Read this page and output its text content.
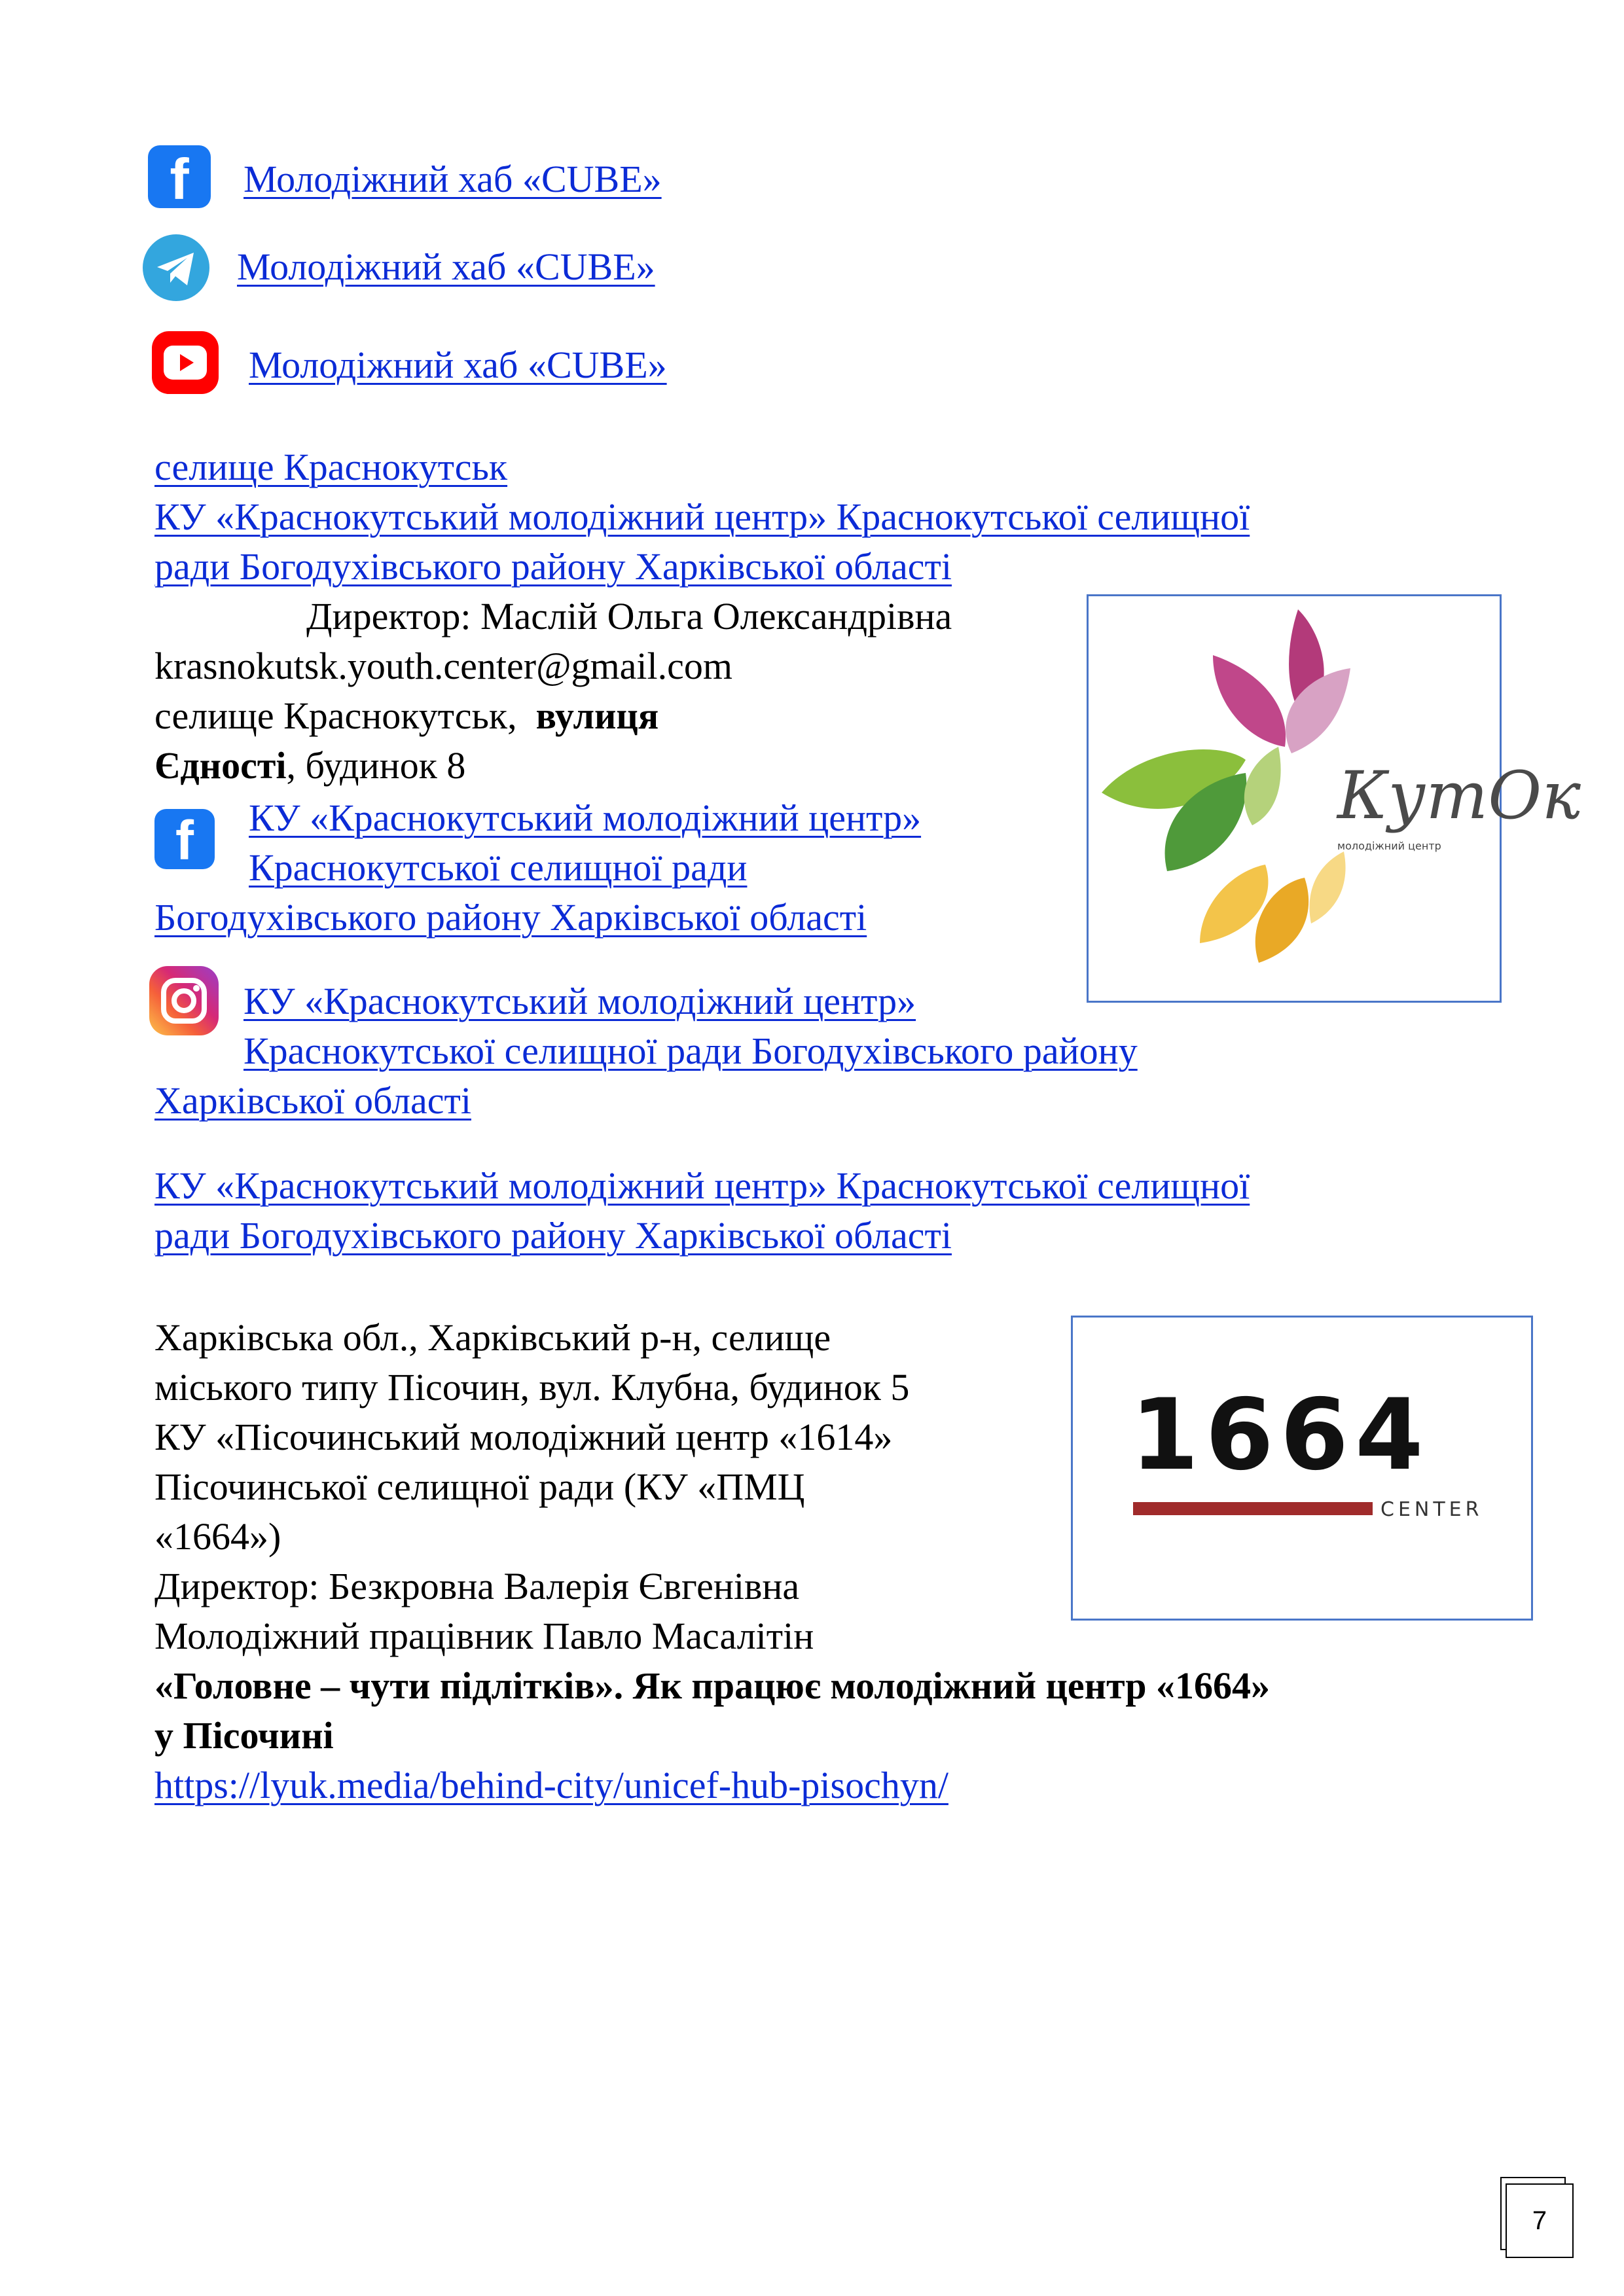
f	Молодіжний хаб «CUBE»
Молодіжний хаб «CUBE»
Молодіжний хаб «CUBE»
селище Краснокутськ
КУ «Краснокутський молодіжний центр» Краснокутської селищної
ради Богодухівського району Харківської області
Директор: Маслій Ольга Олександрівна
krasnokutsk.youth.center@gmail.com
селище Краснокутськ, вулиця
Єдності, будинок 8
f	КУ «Краснокутський молодіжний центр»
Краснокутської селищної ради
Богодухівського району Харківської області
КУ «Краснокутський молодіжний центр»
Краснокутської селищної ради Богодухівського району
Харківської області
КУ «Краснокутський молодіжний центр» Краснокутської селищної
ради Богодухівського району Харківської області
КутОк
молодіжний центр
Харківська обл., Харківський р-н, селище
міського типу Пісочин, вул. Клубна, будинок 5
КУ «Пісочинський молодіжний центр «1614»
Пісочинської селищної ради (КУ «ПМЦ
«1664»)
Директор: Безкровна Валерія Євгенівна
Молодіжний працівник Павло Масалітін
«Головне – чути підлітків». Як працює молодіжний центр «1664»
у Пісочині
https://lyuk.media/behind-city/unicef-hub-pisochyn/
1664
CENTER
7
